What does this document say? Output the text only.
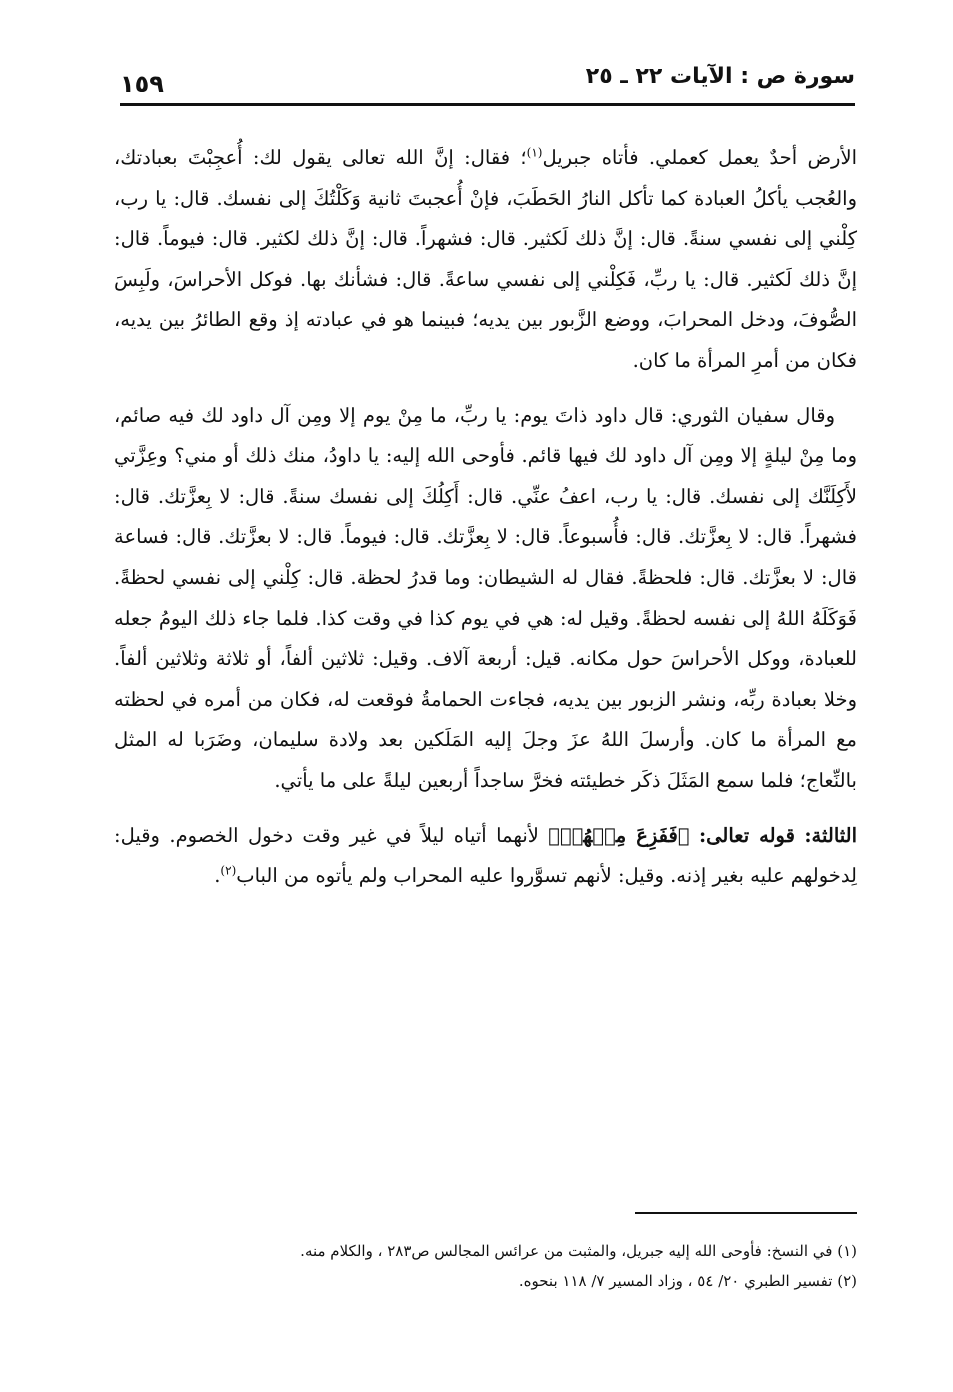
سورة ص : الآيات ٢٢ ـ ٢٥
١٥٩

الأرض أحدٌ يعمل كعملي. فأتاه جبريل$^{(١)}$؛ فقال: إنَّ الله تعالى يقول لك: أُعجِبْتَ بعبادتك، والعُجب يأكلُ العبادة كما تأكل النارُ الحَطَبَ، فإنْ أُعجبتَ ثانية وَكَلْتُكَ إلى نفسك. قال: يا رب، كِلْني إلى نفسي سنةً. قال: إنَّ ذلك لَكثير. قال: فشهراً. قال: إنَّ ذلك لكثير. قال: فيوماً. قال: إنَّ ذلك لَكثير. قال: يا ربِّ، فَكِلْني إلى نفسي ساعةً. قال: فشأنك بها. فوكل الأحراسَ، ولَبِسَ الصُّوفَ، ودخل المحرابَ، ووضع الزَّبور بين يديه؛ فبينما هو في عبادته إذ وقع الطائرُ بين يديه، فكان من أمرِ المرأة ما كان.

وقال سفيان الثوري: قال داود ذاتَ يوم: يا ربِّ، ما مِنْ يوم إلا ومِن آل داود لك فيه صائم، وما مِنْ ليلةٍ إلا ومِن آل داود لك فيها قائم. فأوحى الله إليه: يا داودُ، منك ذلك أو مني؟ وعِزَّتي لأَكِلَنَّك إلى نفسك. قال: يا رب، اعفُ عنِّي. قال: أَكِلُكَ إلى نفسك سنةً. قال: لا بِعزَّتك. قال: فشهراً. قال: لا بِعزَّتك. قال: فأُسبوعاً. قال: لا بِعزَّتك. قال: فيوماً. قال: لا بعزَّتك. قال: فساعة قال: لا بعزَّتك. قال: فلحظةً. فقال له الشيطان: وما قدرُ لحظة. قال: كِلْني إلى نفسي لحظةً. فَوَكَلَهُ اللهُ إلى نفسه لحظةً. وقيل له: هي في يوم كذا في وقت كذا. فلما جاء ذلك اليومُ جعله للعبادة، ووكل الأحراسَ حول مكانه. قيل: أربعة آلاف. وقيل: ثلاثين ألفاً، أو ثلاثة وثلاثين ألفاً. وخلا بعبادة ربِّه، ونشر الزبور بين يديه، فجاءت الحمامةُ فوقعت له، فكان من أمره في لحظته مع المرأة ما كان. وأرسلَ اللهُ عزَ وجلَ إليه المَلَكين بعد ولادة سليمان، وضَرَبا له المثل بالنِّعاج؛ فلما سمع المَثَلَ ذكَر خطيئته فخرَّ ساجداً أربعين ليلةً على ما يأتي.

الثالثة: قوله تعالى: ﴿فَفَزِعَ مِنۡهُمۡ﴾ لأنهما أتياه ليلاً في غير وقت دخول الخصوم. وقيل: لِدخولهم عليه بغير إذنه. وقيل: لأنهم تسوَّروا عليه المحراب ولم يأتوه من الباب$^{(٢)}$.

(١) في النسخ: فأوحى الله إليه جبريل، والمثبت من عرائس المجالس ص٢٨٣ ، والكلام منه.

(٢) تفسير الطبري ٢٠/ ٥٤ ، وزاد المسير ٧/ ١١٨ بنحوه.
